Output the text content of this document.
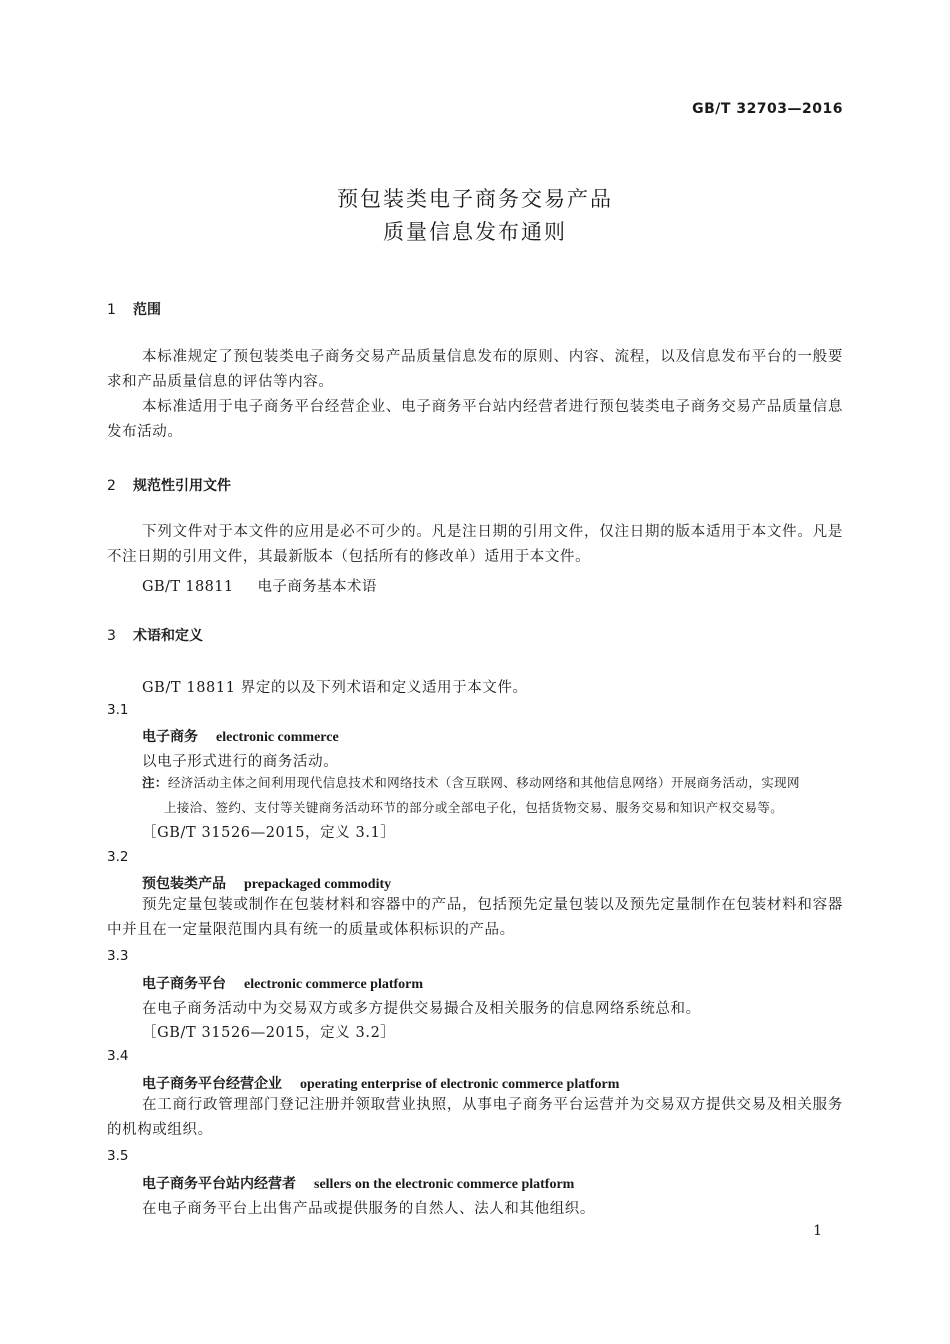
GB/T 32703—2016
预包装类电子商务交易产品
质量信息发布通则
1 范围
本标准规定了预包装类电子商务交易产品质量信息发布的原则、内容、流程，以及信息发布平台的一般要求和产品质量信息的评估等内容。
本标准适用于电子商务平台经营企业、电子商务平台站内经营者进行预包装类电子商务交易产品质量信息发布活动。
2 规范性引用文件
下列文件对于本文件的应用是必不可少的。凡是注日期的引用文件，仅注日期的版本适用于本文件。凡是不注日期的引用文件，其最新版本（包括所有的修改单）适用于本文件。
GB/T 18811 电子商务基本术语
3 术语和定义
GB/T 18811 界定的以及下列术语和定义适用于本文件。
3.1
电子商务 electronic commerce
以电子形式进行的商务活动。
注：经济活动主体之间利用现代信息技术和网络技术（含互联网、移动网络和其他信息网络）开展商务活动，实现网
上接洽、签约、支付等关键商务活动环节的部分或全部电子化，包括货物交易、服务交易和知识产权交易等。
［GB/T 31526—2015，定义 3.1］
3.2
预包装类产品 prepackaged commodity
预先定量包装或制作在包装材料和容器中的产品，包括预先定量包装以及预先定量制作在包装材料和容器中并且在一定量限范围内具有统一的质量或体积标识的产品。
3.3
电子商务平台 electronic commerce platform
在电子商务活动中为交易双方或多方提供交易撮合及相关服务的信息网络系统总和。
［GB/T 31526—2015，定义 3.2］
3.4
电子商务平台经营企业 operating enterprise of electronic commerce platform
在工商行政管理部门登记注册并领取营业执照，从事电子商务平台运营并为交易双方提供交易及相关服务的机构或组织。
3.5
电子商务平台站内经营者 sellers on the electronic commerce platform
在电子商务平台上出售产品或提供服务的自然人、法人和其他组织。
1
